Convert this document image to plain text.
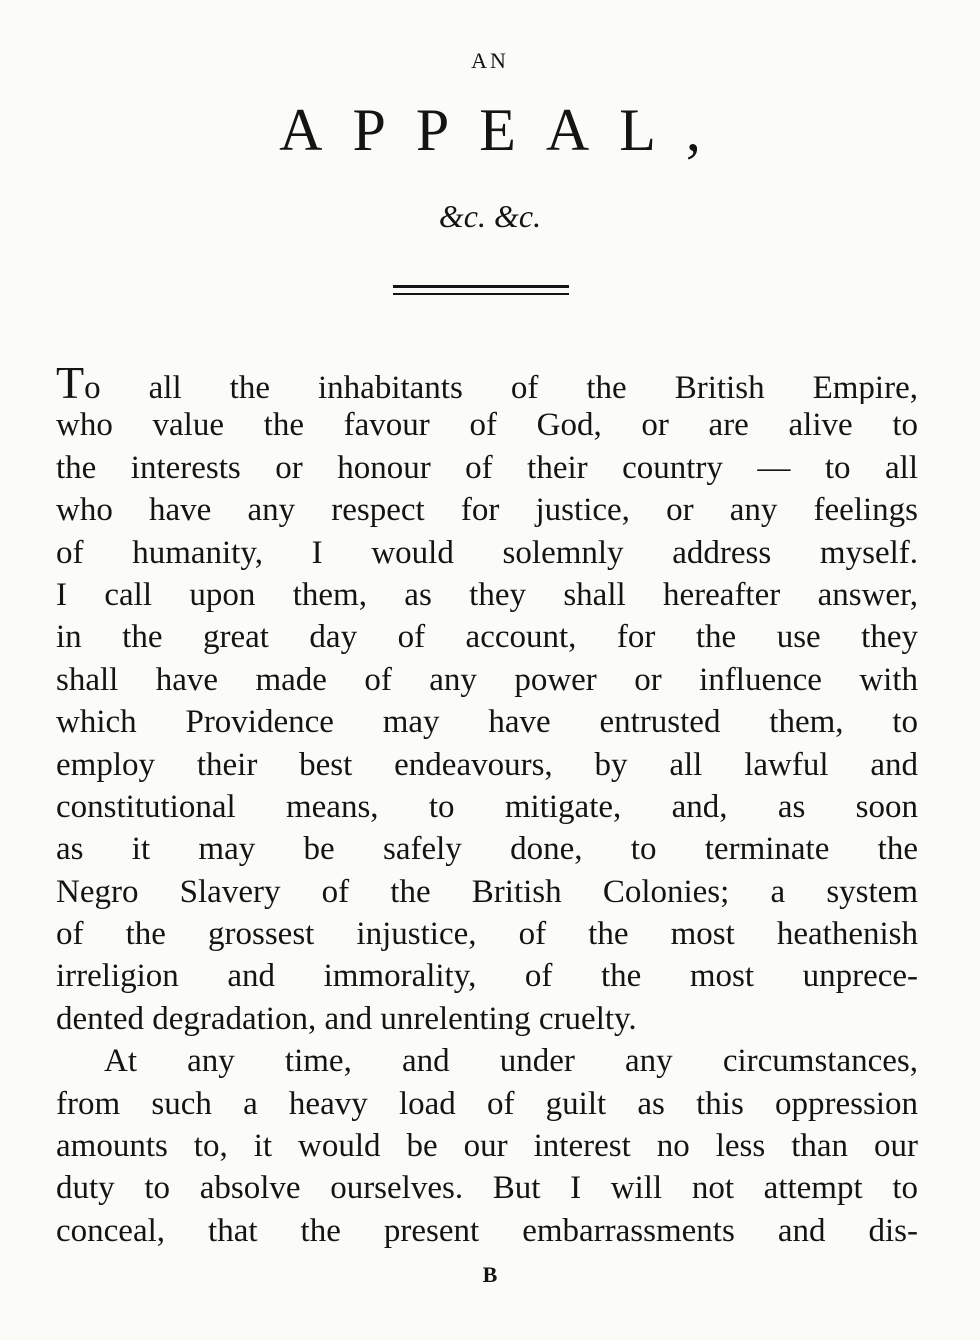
AN
APPEAL,
&c. &c.
To all the inhabitants of the British Empire,
who value the favour of God, or are alive to
the interests or honour of their country — to all
who have any respect for justice, or any feelings
of humanity, I would solemnly address myself.
I call upon them, as they shall hereafter answer,
in the great day of account, for the use they
shall have made of any power or influence with
which Providence may have entrusted them, to
employ their best endeavours, by all lawful and
constitutional means, to mitigate, and, as soon
as it may be safely done, to terminate the
Negro Slavery of the British Colonies; a system
of the grossest injustice, of the most heathenish
irreligion and immorality, of the most unprece-
dented degradation, and unrelenting cruelty.
At any time, and under any circumstances,
from such a heavy load of guilt as this oppression
amounts to, it would be our interest no less than our
duty to absolve ourselves. But I will not attempt to
conceal, that the present embarrassments and dis-
B
